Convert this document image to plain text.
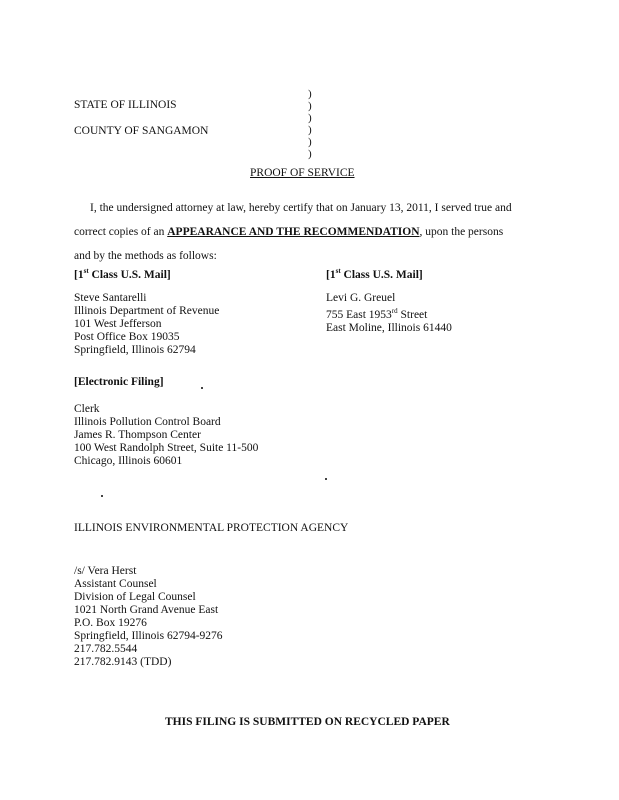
)
)
)
)
)
)
STATE OF ILLINOIS
COUNTY OF SANGAMON
PROOF OF SERVICE
I, the undersigned attorney at law, hereby certify that on January 13, 2011, I served true and
correct copies of an APPEARANCE AND THE RECOMMENDATION, upon the persons
and by the methods as follows:
[1st Class U.S. Mail]	[1st Class U.S. Mail]
Steve Santarelli
Illinois Department of Revenue
101 West Jefferson
Post Office Box 19035
Springfield, Illinois 62794
Levi G. Greuel
755 East 1953rd Street
East Moline, Illinois 61440
[Electronic Filing]
Clerk
Illinois Pollution Control Board
James R. Thompson Center
100 West Randolph Street, Suite 11-500
Chicago, Illinois 60601
ILLINOIS ENVIRONMENTAL PROTECTION AGENCY
/s/ Vera Herst
Assistant Counsel
Division of Legal Counsel
1021 North Grand Avenue East
P.O. Box 19276
Springfield, Illinois 62794-9276
217.782.5544
217.782.9143 (TDD)
THIS FILING IS SUBMITTED ON RECYCLED PAPER
